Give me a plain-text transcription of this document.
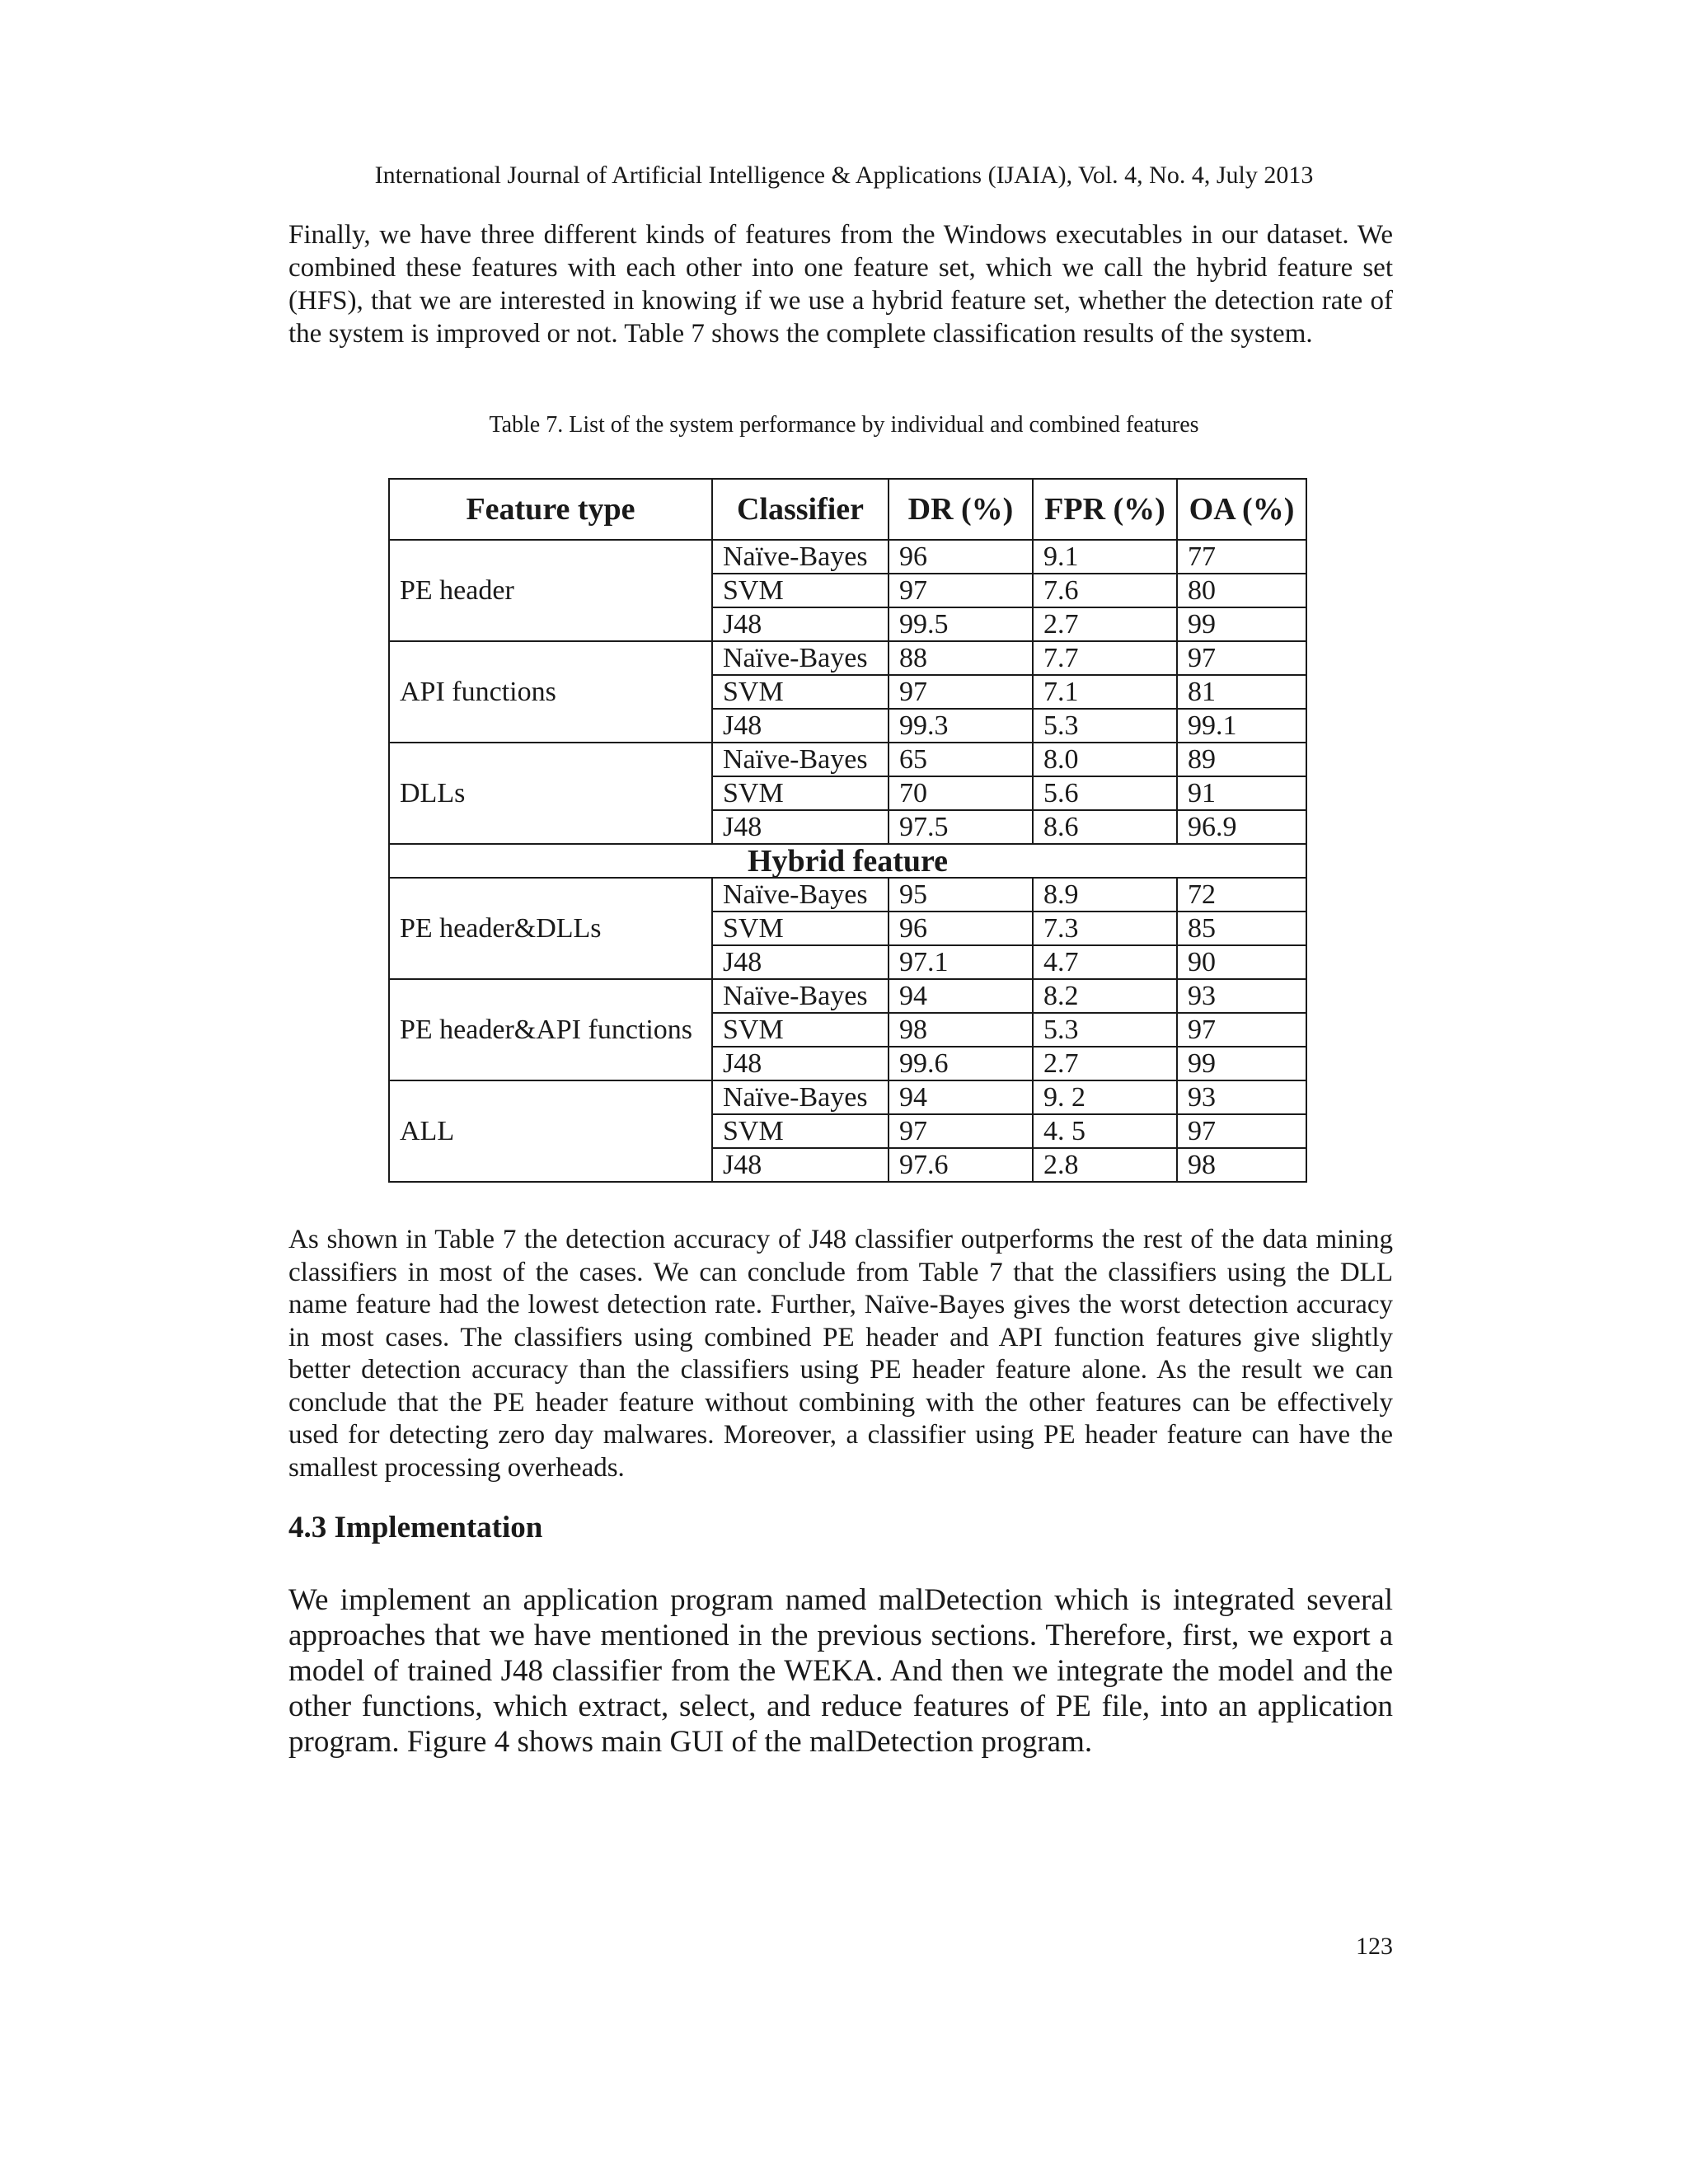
International Journal of Artificial Intelligence & Applications (IJAIA), Vol. 4, No. 4, July 2013

Finally, we have three different kinds of features from the Windows executables in our dataset. We combined these features with each other into one feature set, which we call the hybrid feature set (HFS), that we are interested in knowing if we use a hybrid feature set, whether the detection rate of the system is improved or not. Table 7 shows the complete classification results of the system.

Table 7. List of the system performance by individual and combined features
Feature type	Classifier	DR (%)	FPR (%)	OA (%)
PE header	Naïve-Bayes	96	9.1	77
	SVM	97	7.6	80
	J48	99.5	2.7	99
API functions	Naïve-Bayes	88	7.7	97
	SVM	97	7.1	81
	J48	99.3	5.3	99.1
DLLs	Naïve-Bayes	65	8.0	89
	SVM	70	5.6	91
	J48	97.5	8.6	96.9
Hybrid feature				
PE header&DLLs	Naïve-Bayes	95	8.9	72
	SVM	96	7.3	85
	J48	97.1	4.7	90
PE header&API functions	Naïve-Bayes	94	8.2	93
	SVM	98	5.3	97
	J48	99.6	2.7	99
ALL	Naïve-Bayes	94	9. 2	93
	SVM	97	4. 5	97
	J48	97.6	2.8	98

As shown in Table 7 the detection accuracy of J48 classifier outperforms the rest of the data mining classifiers in most of the cases. We can conclude from Table 7 that the classifiers using the DLL name feature had the lowest detection rate. Further, Naïve-Bayes gives the worst detection accuracy in most cases. The classifiers using combined PE header and API function features give slightly better detection accuracy than the classifiers using PE header feature alone. As the result we can conclude that the PE header feature without combining with the other features can be effectively used for detecting zero day malwares. Moreover, a classifier using PE header feature can have the smallest processing overheads.

4.3 Implementation

We implement an application program named malDetection which is integrated several approaches that we have mentioned in the previous sections. Therefore, first, we export a model of trained J48 classifier from the WEKA. And then we integrate the model and the other functions, which extract, select, and reduce features of PE file, into an application program. Figure 4 shows main GUI of the malDetection program.

123
